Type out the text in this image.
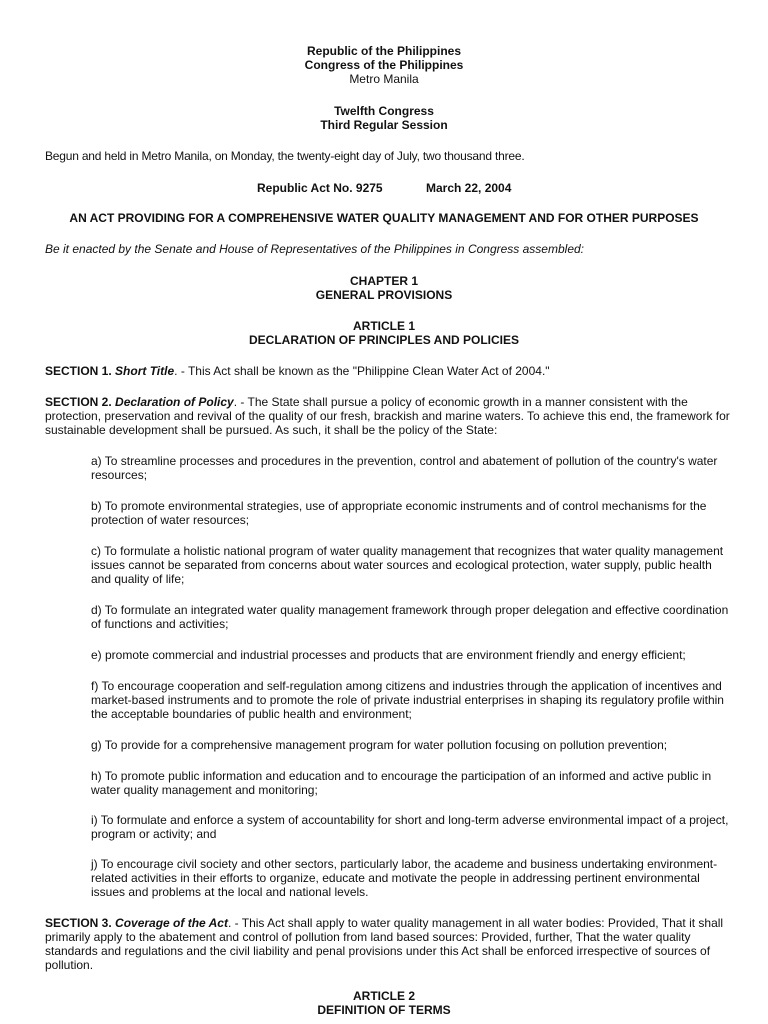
Republic of the Philippines
Congress of the Philippines
Metro Manila
Twelfth Congress
Third Regular Session
Begun and held in Metro Manila, on Monday, the twenty-eight day of July, two thousand three.
Republic Act No. 9275	March 22, 2004
AN ACT PROVIDING FOR A COMPREHENSIVE WATER QUALITY MANAGEMENT AND FOR OTHER PURPOSES
Be it enacted by the Senate and House of Representatives of the Philippines in Congress assembled:
CHAPTER 1
GENERAL PROVISIONS
ARTICLE 1
DECLARATION OF PRINCIPLES AND POLICIES
SECTION 1. Short Title. - This Act shall be known as the "Philippine Clean Water Act of 2004."
SECTION 2. Declaration of Policy. - The State shall pursue a policy of economic growth in a manner consistent with the protection, preservation and revival of the quality of our fresh, brackish and marine waters. To achieve this end, the framework for sustainable development shall be pursued. As such, it shall be the policy of the State:
a) To streamline processes and procedures in the prevention, control and abatement of pollution of the country's water resources;
b) To promote environmental strategies, use of appropriate economic instruments and of control mechanisms for the protection of water resources;
c) To formulate a holistic national program of water quality management that recognizes that water quality management issues cannot be separated from concerns about water sources and ecological protection, water supply, public health and quality of life;
d) To formulate an integrated water quality management framework through proper delegation and effective coordination of functions and activities;
e) promote commercial and industrial processes and products that are environment friendly and energy efficient;
f) To encourage cooperation and self-regulation among citizens and industries through the application of incentives and market-based instruments and to promote the role of private industrial enterprises in shaping its regulatory profile within the acceptable boundaries of public health and environment;
g) To provide for a comprehensive management program for water pollution focusing on pollution prevention;
h) To promote public information and education and to encourage the participation of an informed and active public in water quality management and monitoring;
i) To formulate and enforce a system of accountability for short and long-term adverse environmental impact of a project, program or activity; and
j) To encourage civil society and other sectors, particularly labor, the academe and business undertaking environment-related activities in their efforts to organize, educate and motivate the people in addressing pertinent environmental issues and problems at the local and national levels.
SECTION 3. Coverage of the Act. - This Act shall apply to water quality management in all water bodies: Provided, That it shall primarily apply to the abatement and control of pollution from land based sources: Provided, further, That the water quality standards and regulations and the civil liability and penal provisions under this Act shall be enforced irrespective of sources of pollution.
ARTICLE 2
DEFINITION OF TERMS
